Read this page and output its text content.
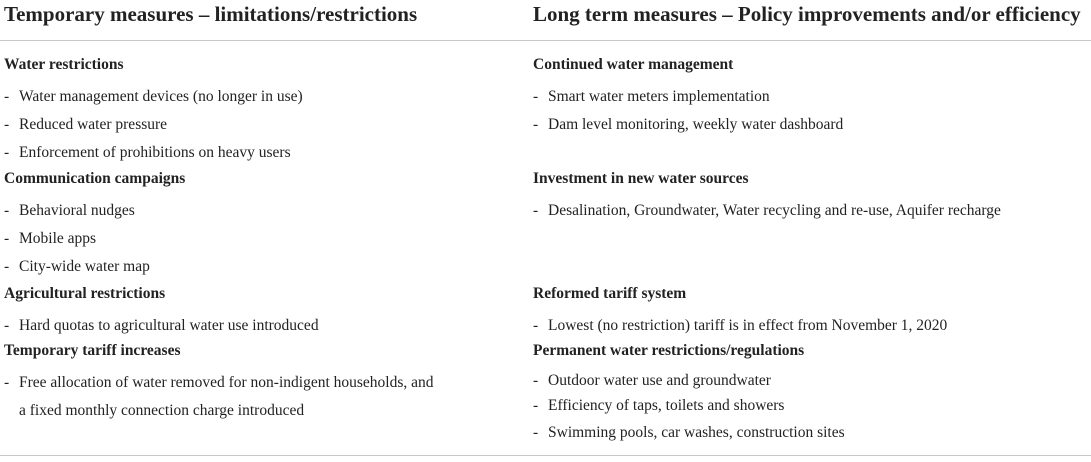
Temporary measures – limitations/restrictions	Long term measures – Policy improvements and/or efficiency
Water restrictions
- Water management devices (no longer in use)
- Reduced water pressure
- Enforcement of prohibitions on heavy users
Communication campaigns
- Behavioral nudges
- Mobile apps
- City-wide water map
Agricultural restrictions
- Hard quotas to agricultural water use introduced
Temporary tariff increases
- Free allocation of water removed for non-indigent households, and a fixed monthly connection charge introduced
Continued water management
- Smart water meters implementation
- Dam level monitoring, weekly water dashboard
Investment in new water sources
- Desalination, Groundwater, Water recycling and re-use, Aquifer recharge
Reformed tariff system
- Lowest (no restriction) tariff is in effect from November 1, 2020
Permanent water restrictions/regulations
- Outdoor water use and groundwater
- Efficiency of taps, toilets and showers
- Swimming pools, car washes, construction sites
